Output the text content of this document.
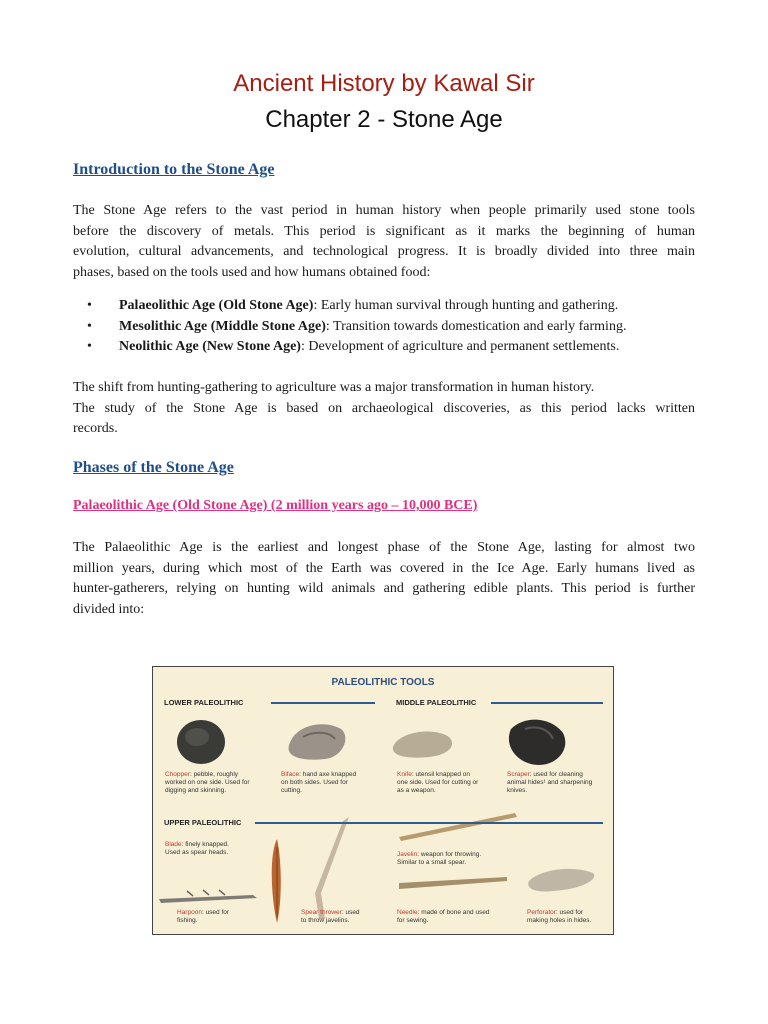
Ancient History by Kawal Sir
Chapter 2 - Stone Age
Introduction to the Stone Age

The Stone Age refers to the vast period in human history when people primarily used stone tools
before the discovery of metals. This period is significant as it marks the beginning of human
evolution, cultural advancements, and technological progress. It is broadly divided into three main
phases, based on the tools used and how humans obtained food:

• Palaeolithic Age (Old Stone Age): Early human survival through hunting and gathering.
• Mesolithic Age (Middle Stone Age): Transition towards domestication and early farming.
• Neolithic Age (New Stone Age): Development of agriculture and permanent settlements.

The shift from hunting-gathering to agriculture was a major transformation in human history.
The study of the Stone Age is based on archaeological discoveries, as this period lacks written
records.

Phases of the Stone Age
Palaeolithic Age (Old Stone Age) (2 million years ago – 10,000 BCE)

The Palaeolithic Age is the earliest and longest phase of the Stone Age, lasting for almost two
million years, during which most of the Earth was covered in the Ice Age. Early humans lived as
hunter-gatherers, relying on hunting wild animals and gathering edible plants. This period is further
divided into:

PALEOLITHIC TOOLS
LOWER PALEOLITHIC	MIDDLE PALEOLITHIC
UPPER PALEOLITHIC
Chopper: pebble, roughly
worked on one side. Used for
digging and skinning.
Biface: hand axe knapped
on both sides. Used for
cutting.
Knife: utensil knapped on
one side. Used for cutting or
as a weapon.
Scraper: used for cleaning
animal hides¹ and sharpening
knives.
Blade: finely knapped.
Used as spear heads.	Javelin: weapon for throwing.
Similar to a small spear.
Harpoon: used for
fishing.
Spear thrower: used
to throw javelins.
Needle: made of bone and used
for sewing.
Perforator: used for
making holes in hides.
